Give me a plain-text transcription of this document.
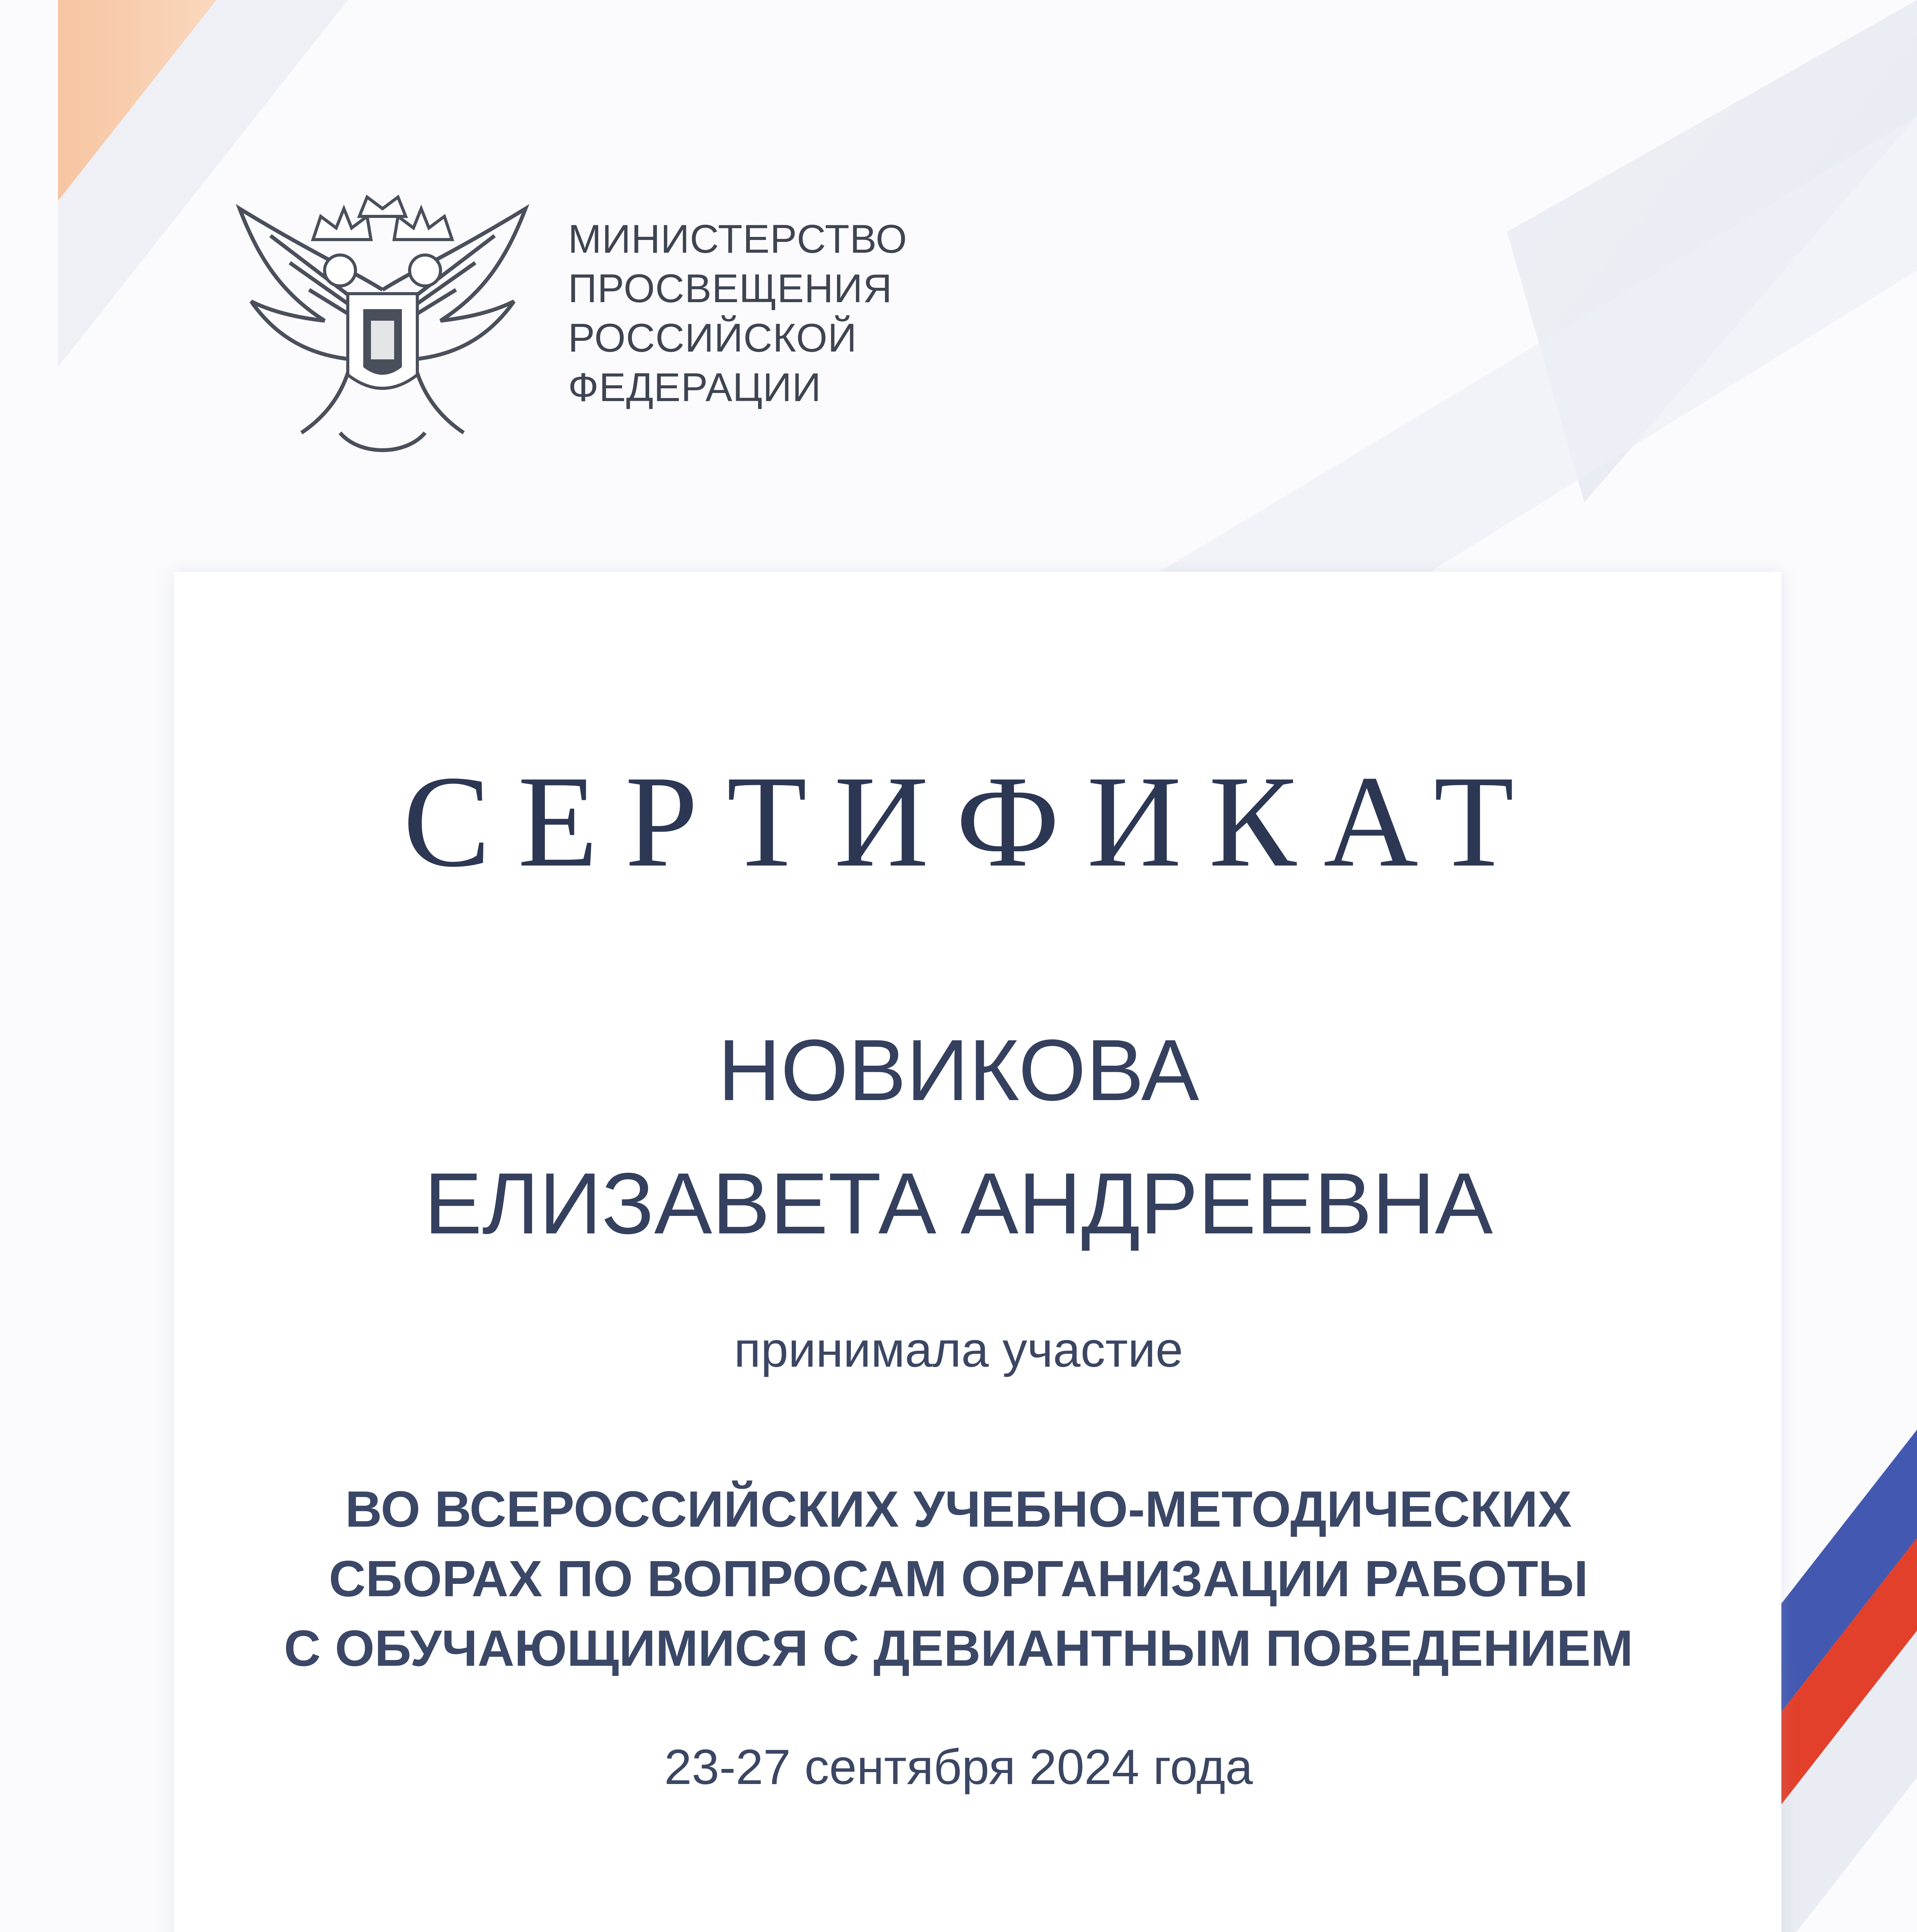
МИНИСТЕРСТВО
ПРОСВЕЩЕНИЯ
РОССИЙСКОЙ
ФЕДЕРАЦИИ
СЕРТИФИКАТ
НОВИКОВА
ЕЛИЗАВЕТА АНДРЕЕВНА
принимала участие
ВО ВСЕРОССИЙСКИХ УЧЕБНО-МЕТОДИЧЕСКИХ
СБОРАХ ПО ВОПРОСАМ ОРГАНИЗАЦИИ РАБОТЫ
С ОБУЧАЮЩИМИСЯ С ДЕВИАНТНЫМ ПОВЕДЕНИЕМ
23-27 сентября 2024 года
